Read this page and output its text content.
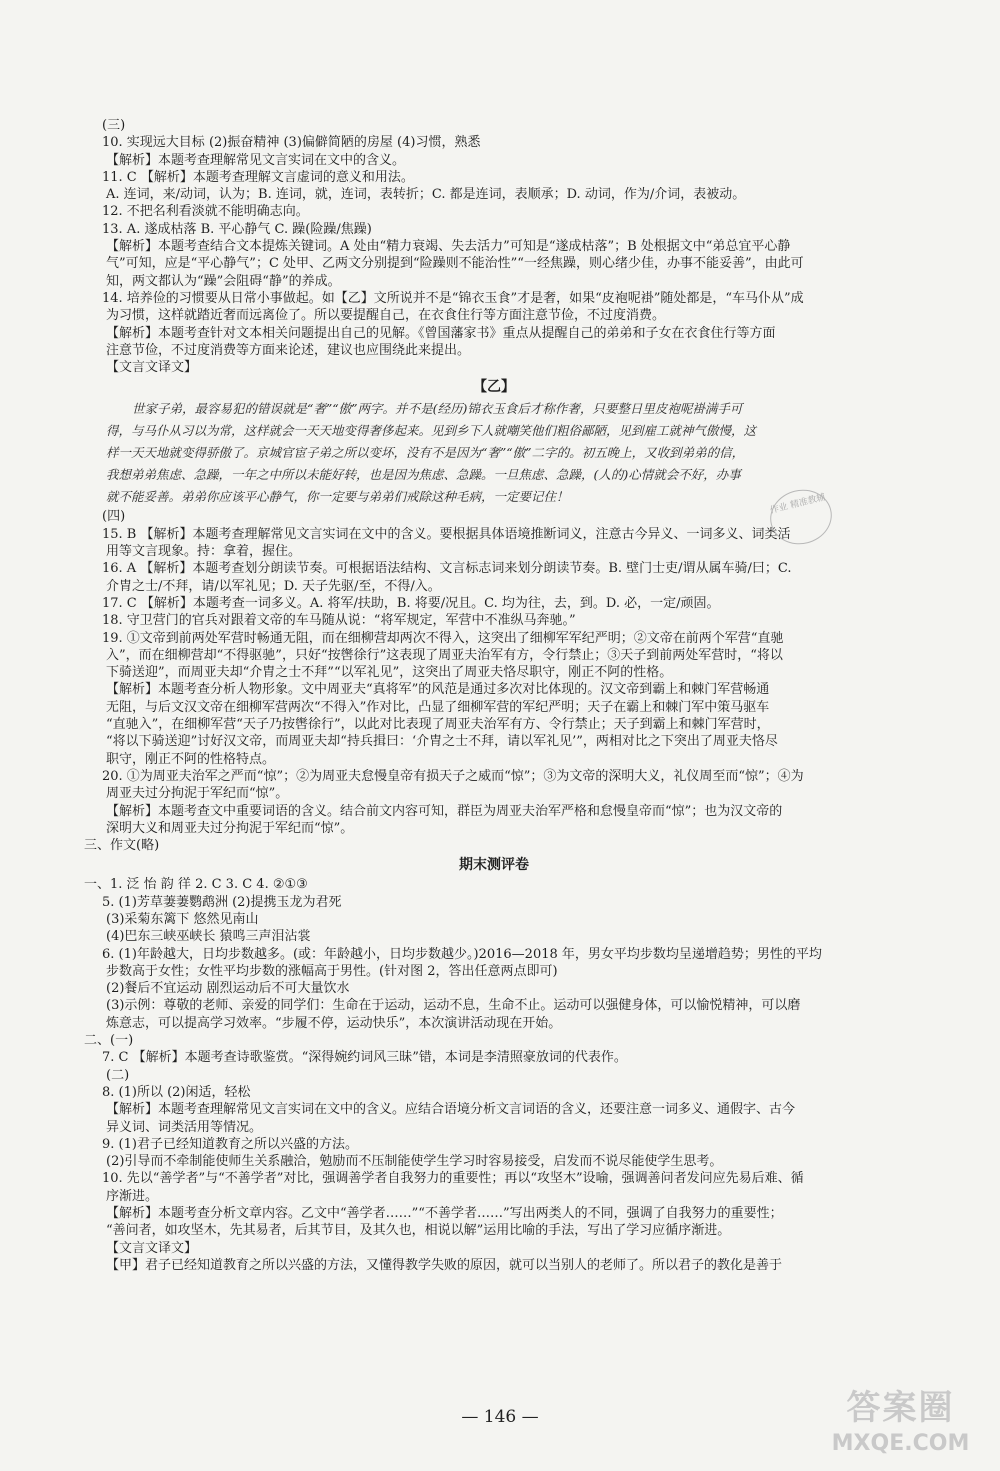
(三)
10. 实现远大目标 (2)振奋精神 (3)偏僻简陋的房屋 (4)习惯，熟悉
【解析】本题考查理解常见文言实词在文中的含义。
11. C 【解析】本题考查理解文言虚词的意义和用法。
A. 连词，来/动词，认为；B. 连词，就，连词，表转折；C. 都是连词，表顺承；D. 动词，作为/介词，表被动。
12. 不把名利看淡就不能明确志向。
13. A. 遂成枯落 B. 平心静气 C. 躁(险躁/焦躁)
【解析】本题考查结合文本提炼关键词。A 处由“精力衰竭、失去活力”可知是“遂成枯落”；B 处根据文中“弟总宜平心静
气”可知，应是“平心静气”；C 处甲、乙两文分别提到“险躁则不能治性”“一经焦躁，则心绪少佳，办事不能妥善”，由此可
知，两文都认为“躁”会阻碍“静”的养成。
14. 培养俭的习惯要从日常小事做起。如【乙】文所说并不是“锦衣玉食”才是奢，如果“皮袍呢褂”随处都是，“车马仆从”成
为习惯，这样就踏近奢而远离俭了。所以要提醒自己，在衣食住行等方面注意节俭，不过度消费。
【解析】本题考查针对文本相关问题提出自己的见解。《曾国藩家书》重点从提醒自己的弟弟和子女在衣食住行等方面
注意节俭，不过度消费等方面来论述，建议也应围绕此来提出。
【文言文译文】
【乙】
世家子弟，最容易犯的错误就是“奢”“傲”两字。并不是(经历)锦衣玉食后才称作奢，只要整日里皮袍呢褂满手可
得，与马仆从习以为常，这样就会一天天地变得奢侈起来。见到乡下人就嘲笑他们粗俗鄙陋，见到雇工就神气傲慢，这
样一天天地就变得骄傲了。京城官宦子弟之所以变坏，没有不是因为“奢”“傲”二字的。初五晚上，又收到弟弟的信，
我想弟弟焦虑、急躁，一年之中所以未能好转，也是因为焦虑、急躁。一旦焦虑、急躁，(人的)心情就会不好，办事
就不能妥善。弟弟你应该平心静气，你一定要与弟弟们戒除这种毛病，一定要记住！
(四)
15. B 【解析】本题考查理解常见文言实词在文中的含义。要根据具体语境推断词义，注意古今异义、一词多义、词类活
用等文言现象。持：拿着，握住。
16. A 【解析】本题考查划分朗读节奏。可根据语法结构、文言标志词来划分朗读节奏。B. 壁门士吏/谓从属车骑/曰；C.
介胄之士/不拜，请/以军礼见；D. 天子先驱/至，不得/入。
17. C 【解析】本题考查一词多义。A. 将军/扶助，B. 将要/况且。C. 均为往，去，到。D. 必，一定/顽固。
18. 守卫营门的官兵对跟着文帝的车马随从说：“将军规定，军营中不准纵马奔驰。”
19. ①文帝到前两处军营时畅通无阻，而在细柳营却两次不得入，这突出了细柳军军纪严明；②文帝在前两个军营“直驰
入”，而在细柳营却“不得驱驰”，只好“按辔徐行”这表现了周亚夫治军有方，令行禁止；③天子到前两处军营时，“将以
下骑送迎”，而周亚夫却“介胄之士不拜”“以军礼见”，这突出了周亚夫恪尽职守，刚正不阿的性格。
【解析】本题考查分析人物形象。文中周亚夫“真将军”的风范是通过多次对比体现的。汉文帝到霸上和棘门军营畅通
无阻，与后文汉文帝在细柳军营两次“不得入”作对比，凸显了细柳军营的军纪严明；天子在霸上和棘门军中策马驱车
“直驰入”，在细柳军营“天子乃按辔徐行”，以此对比表现了周亚夫治军有方、令行禁止；天子到霸上和棘门军营时，
“将以下骑送迎”讨好汉文帝，而周亚夫却“持兵揖曰：‘介胄之士不拜，请以军礼见’”，两相对比之下突出了周亚夫恪尽
职守，刚正不阿的性格特点。
20. ①为周亚夫治军之严而“惊”；②为周亚夫怠慢皇帝有损天子之威而“惊”；③为文帝的深明大义，礼仪周至而“惊”；④为
周亚夫过分拘泥于军纪而“惊”。
【解析】本题考查文中重要词语的含义。结合前文内容可知，群臣为周亚夫治军严格和怠慢皇帝而“惊”；也为汉文帝的
深明大义和周亚夫过分拘泥于军纪而“惊”。
三、作文(略)
期末测评卷
一、1. 泛 怡 韵 徉 2. C 3. C 4. ②①③
5. (1)芳草萋萋鹦鹉洲 (2)提携玉龙为君死
(3)采菊东篱下 悠然见南山
(4)巴东三峡巫峡长 猿鸣三声泪沾裳
6. (1)年龄越大，日均步数越多。(或：年龄越小，日均步数越少。)2016—2018 年，男女平均步数均呈递增趋势；男性的平均
步数高于女性；女性平均步数的涨幅高于男性。(针对图 2，答出任意两点即可)
(2)餐后不宜运动 剧烈运动后不可大量饮水
(3)示例：尊敬的老师、亲爱的同学们：生命在于运动，运动不息，生命不止。运动可以强健身体，可以愉悦精神，可以磨
炼意志，可以提高学习效率。“步履不停，运动快乐”，本次演讲活动现在开始。
二、(一)
7. C 【解析】本题考查诗歌鉴赏。“深得婉约词风三昧”错，本词是李清照豪放词的代表作。
(二)
8. (1)所以 (2)闲适，轻松
【解析】本题考查理解常见文言实词在文中的含义。应结合语境分析文言词语的含义，还要注意一词多义、通假字、古今
异义词、词类活用等情况。
9. (1)君子已经知道教育之所以兴盛的方法。
(2)引导而不牵制能使师生关系融洽，勉励而不压制能使学生学习时容易接受，启发而不说尽能使学生思考。
10. 先以“善学者”与“不善学者”对比，强调善学者自我努力的重要性；再以“攻坚木”设喻，强调善问者发问应先易后难、循
序渐进。
【解析】本题考查分析文章内容。乙文中“善学者……”“不善学者……”写出两类人的不同，强调了自我努力的重要性；
“善问者，如攻坚木，先其易者，后其节目，及其久也，相说以解”运用比喻的手法，写出了学习应循序渐进。
【文言文译文】
【甲】君子已经知道教育之所以兴盛的方法，又懂得教学失败的原因，就可以当别人的老师了。所以君子的教化是善于
作业 精准教辅
— 146 —	答案圈
MXQE.COM
